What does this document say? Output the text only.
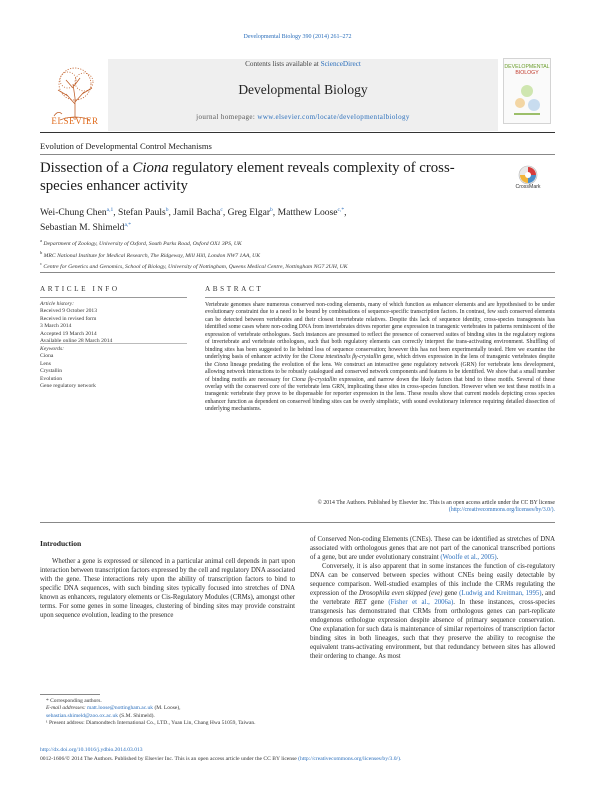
Developmental Biology 390 (2014) 261–272
Contents lists available at ScienceDirect
Developmental Biology
journal homepage: www.elsevier.com/locate/developmentalbiology
ELSEVIER
DEVELOPMENTAL
BIOLOGY
Evolution of Developmental Control Mechanisms
Dissection of a Ciona regulatory element reveals complexity of cross-species enhancer activity	CrossMark
Wei-Chung Chen$^{a,1}$, Stefan Pauls$^b$, Jamil Bacha$^c$, Greg Elgar$^b$, Matthew Loose$^{c,*}$,
Sebastian M. Shimeld$^{a,*}$
$^a$ Department of Zoology, University of Oxford, South Parks Road, Oxford OX1 3PS, UK
$^b$ MRC National Institute for Medical Research, The Ridgeway, Mill Hill, London NW7 1AA, UK
$^c$ Centre for Genetics and Genomics, School of Biology, University of Nottingham, Queens Medical Centre, Nottingham NG7 2UH, UK
ARTICLE INFO
Article history:
Received 9 October 2013
Received in revised form
3 March 2014
Accepted 19 March 2014
Available online 28 March 2014
Keywords:
Ciona
Lens
Crystallin
Evolution
Gene regulatory network
ABSTRACT
Vertebrate genomes share numerous conserved non-coding elements, many of which function as enhancer elements and are hypothesised to be under evolutionary constraint due to a need to be bound by combinations of sequence-specific transcription factors. In contrast, few such conserved elements can be detected between vertebrates and their closest invertebrate relatives. Despite this lack of sequence identity, cross-species transgenesis has identified some cases where non-coding DNA from invertebrates drives reporter gene expression in transgenic vertebrates in patterns reminiscent of the expression of vertebrate orthologues. Such instances are presumed to reflect the presence of conserved suites of binding sites in the regulatory regions of invertebrate and vertebrate orthologues, such that both regulatory elements can correctly interpret the trans-activating environment. Shuffling of binding sites has been suggested to lie behind loss of sequence conservation; however this has not been experimentally tested. Here we examine the underlying basis of enhancer activity for the Ciona intestinalis βγ-crystallin gene, which drives expression in the lens of transgenic vertebrates despite the Ciona lineage predating the evolution of the lens. We construct an interactive gene regulatory network (GRN) for vertebrate lens development, allowing network interactions to be robustly catalogued and conserved network components and features to be identified. We show that a small number of binding motifs are necessary for Ciona βγ-crystallin expression, and narrow down the likely factors that bind to these motifs. Several of these overlap with the conserved core of the vertebrate lens GRN, implicating these sites in cross-species function. However when we test these motifs in a transgenic vertebrate they prove to be dispensable for reporter expression in the lens. These results show that current models depicting cross species enhancer function as dependent on conserved binding sites can be overly simplistic, with sound evolutionary inference requiring detailed dissection of underlying mechanisms.
© 2014 The Authors. Published by Elsevier Inc. This is an open access article under the CC BY license
(http://creativecommons.org/licenses/by/3.0/).
Introduction

Whether a gene is expressed or silenced in a particular animal cell depends in part upon interaction between transcription factors expressed by the cell and regulatory DNA associated with the gene. These interactions rely upon the ability of transcription factors to bind to specific DNA sequences, with such binding sites typically focused into stretches of DNA known as enhancers, regulatory elements or Cis-Regulatory Modules (CRMs), amongst other terms. For some genes in some lineages, clustering of binding sites may provide constraint upon sequence evolution, leading to the presence

of Conserved Non-coding Elements (CNEs). These can be identified as stretches of DNA associated with orthologous genes that are not part of the canonical transcribed portions of a gene, but are under evolutionary constraint (Woolfe et al., 2005).

Conversely, it is also apparent that in some instances the function of cis-regulatory DNA can be conserved between species without CNEs being easily detectable by sequence comparison. Well-studied examples of this include the CRMs regulating the expression of the Drosophila even skipped (eve) gene (Ludwig and Kreitman, 1995), and the vertebrate RET gene (Fisher et al., 2006a). In these instances, cross-species transgenesis has demonstrated that CRMs from orthologous genes can part-replicate endogenous orthologue expression despite absence of primary sequence conservation. One explanation for such data is maintenance of similar repertoires of transcription factor binding sites in both lineages, such that they preserve the ability to recognise the equivalent trans-activating environment, but that redundancy between sites has allowed their ordering to change. As most

* Corresponding authors.
E-mail addresses: matt.loose@nottingham.ac.uk (M. Loose),
sebastian.shimeld@zoo.ox.ac.uk (S.M. Shimeld).
¹ Present address: Diamondtech International Co., LTD., Yuan Lin, Chang Hwa 51059, Taiwan.
http://dx.doi.org/10.1016/j.ydbio.2014.03.013
0012-1606/© 2014 The Authors. Published by Elsevier Inc. This is an open access article under the CC BY license (http://creativecommons.org/licenses/by/3.0/).
